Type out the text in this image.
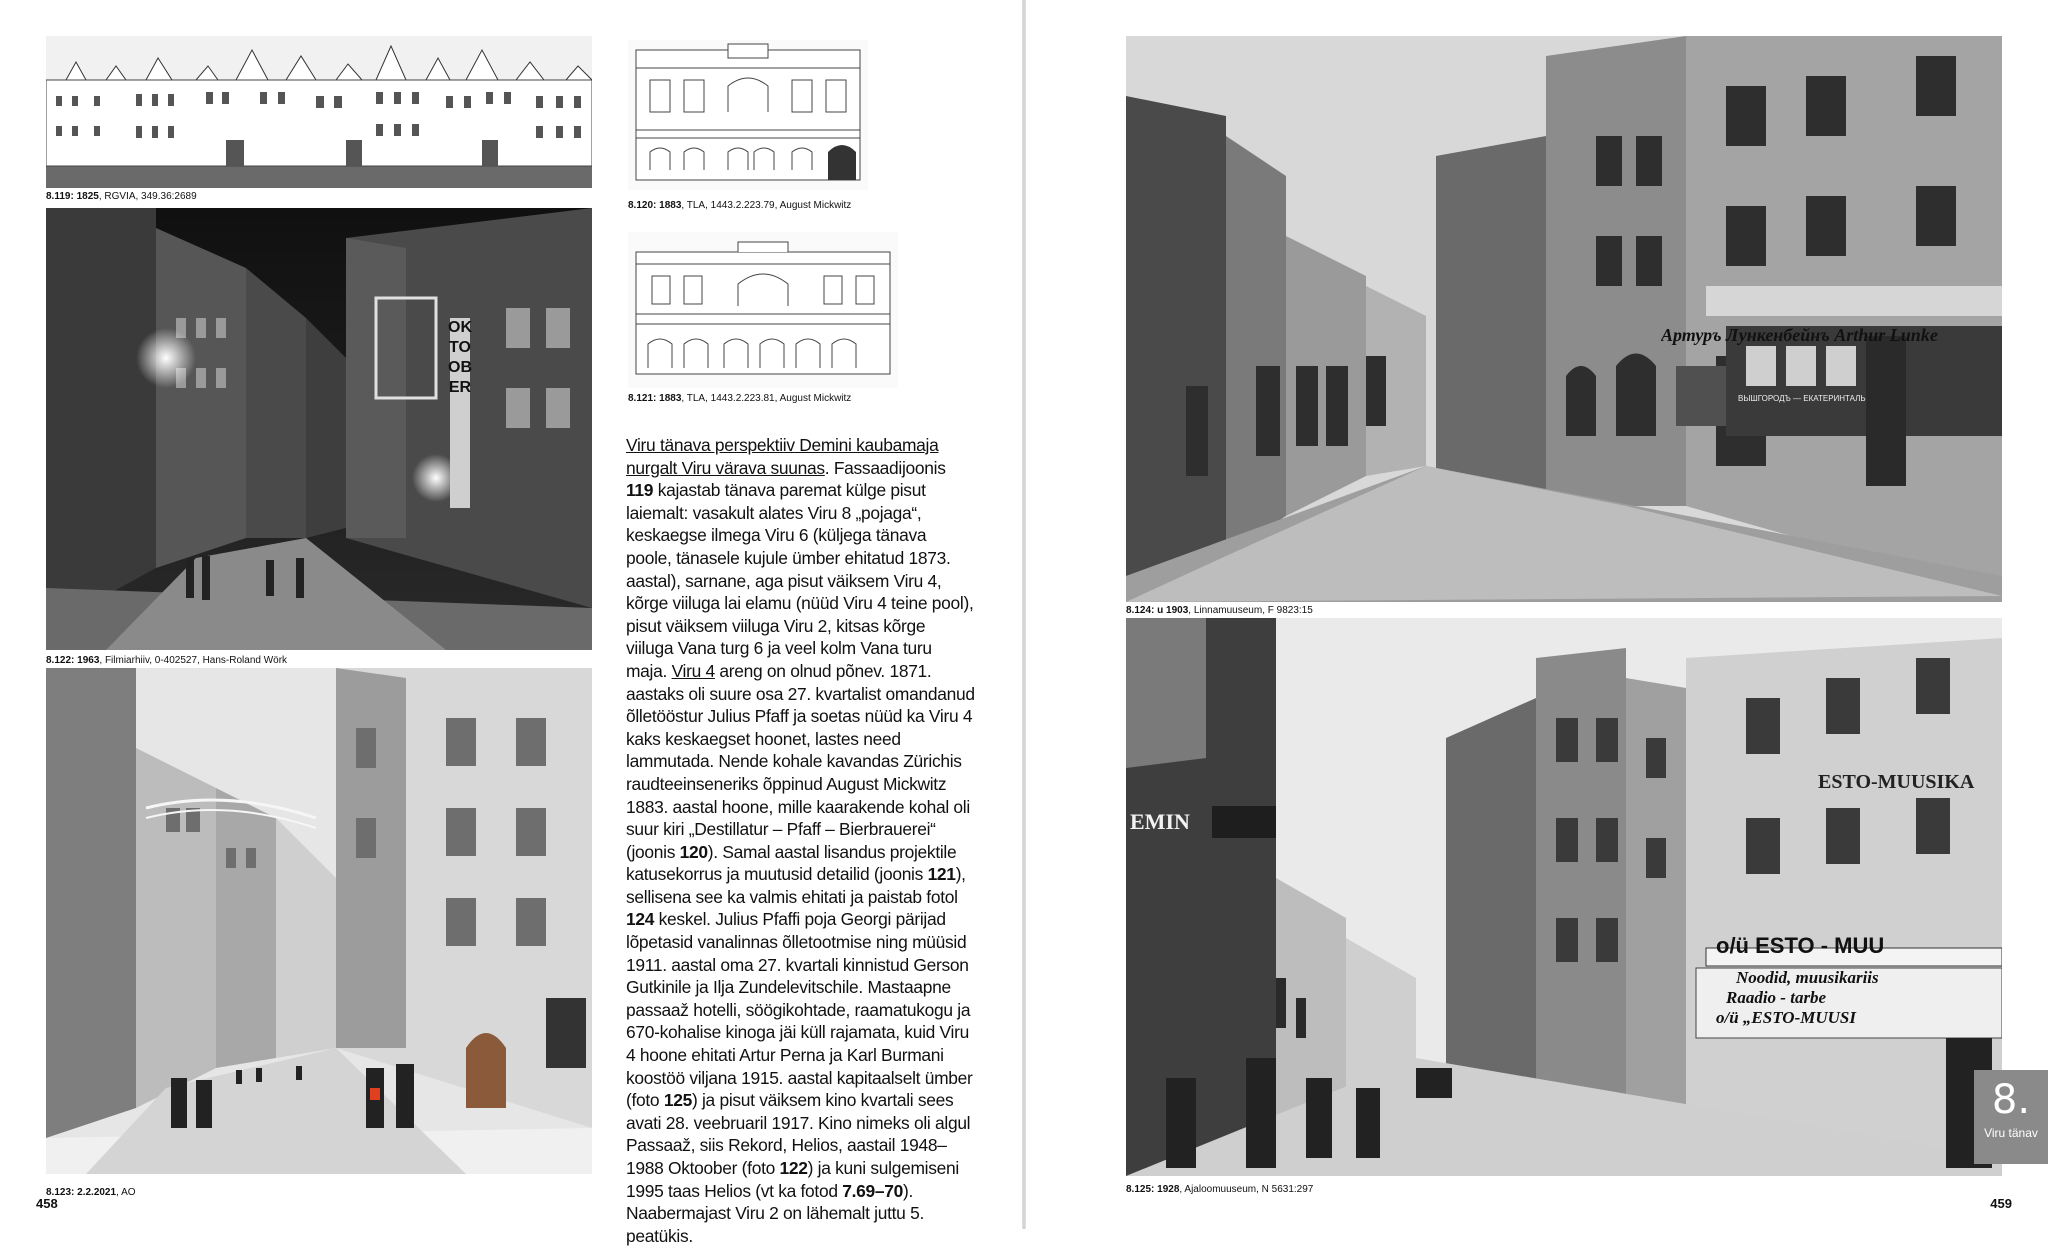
8.119: 1825, RGVIA, 349.36:2689
8.120: 1883, TLA, 1443.2.223.79, August Mickwitz
8.121: 1883, TLA, 1443.2.223.81, August Mickwitz
OKTOOBER
8.122: 1963, Filmiarhiiv, 0-402527, Hans-Roland Wörk
8.123: 2.2.2021, AO

Viru tänava perspektiiv Demini kaubamaja nurgalt Viru värava suunas. Fassaadijoonis 119 kajastab tänava paremat külge pisut laiemalt: vasakult alates Viru 8 „pojaga“, keskaegse ilmega Viru 6 (küljega tänava poole, tänasele kujule ümber ehitatud 1873. aastal), sarnane, aga pisut väiksem Viru 4, kõrge viiluga lai elamu (nüüd Viru 4 teine pool), pisut väiksem viiluga Viru 2, kitsas kõrge viiluga Vana turg 6 ja veel kolm Vana turu maja. Viru 4 areng on olnud põnev. 1871. aastaks oli suure osa 27. kvartalist omandanud õlletööstur Julius Pfaff ja soetas nüüd ka Viru 4 kaks keskaegset hoonet, lastes need lammutada. Nende kohale kavandas Zürichis raudteeinseneriks õppinud August Mickwitz 1883. aastal hoone, mille kaarakende kohal oli suur kiri „Destillatur – Pfaff – Bierbrauerei“ (joonis 120). Samal aastal lisandus projektile katusekorrus ja muutusid detailid (joonis 121), sellisena see ka valmis ehitati ja paistab fotol 124 keskel. Julius Pfaffi poja Georgi pärijad lõpetasid vanalinnas õlletootmise ning müüsid 1911. aastal oma 27. kvartali kinnistud Gerson Gutkinile ja Ilja Zundelevitschile. Mastaapne passaaž hotelli, söögikohtade, raamatukogu ja 670-kohalise kinoga jäi küll rajamata, kuid Viru 4 hoone ehitati Artur Perna ja Karl Burmani koostöö viljana 1915. aastal kapitaalselt ümber (foto 125) ja pisut väiksem kino kvartali sees avati 28. veebruaril 1917. Kino nimeks oli algul Passaaž, siis Rekord, Helios, aastail 1948–1988 Oktoober (foto 122) ja kuni sulgemiseni 1995 taas Helios (vt ka fotod 7.69–70). Naabermajast Viru 2 on lähemalt juttu 5. peatükis.

458
Артуръ Лункенбейнъ Arthur Lunke
ВЫШГОРОДЪ — ЕКАТЕРИНТАЛЬ
8.124: u 1903, Linnamuuseum, F 9823:15
EMIN
ESTO-MUUSIKA
o/ü ESTO - MUU
Noodid, muusikariis
Raadio - tarbe
o/ü „ESTO-MUUSI
8.125: 1928, Ajaloomuuseum, N 5631:297
8.
Viru tänav
459
